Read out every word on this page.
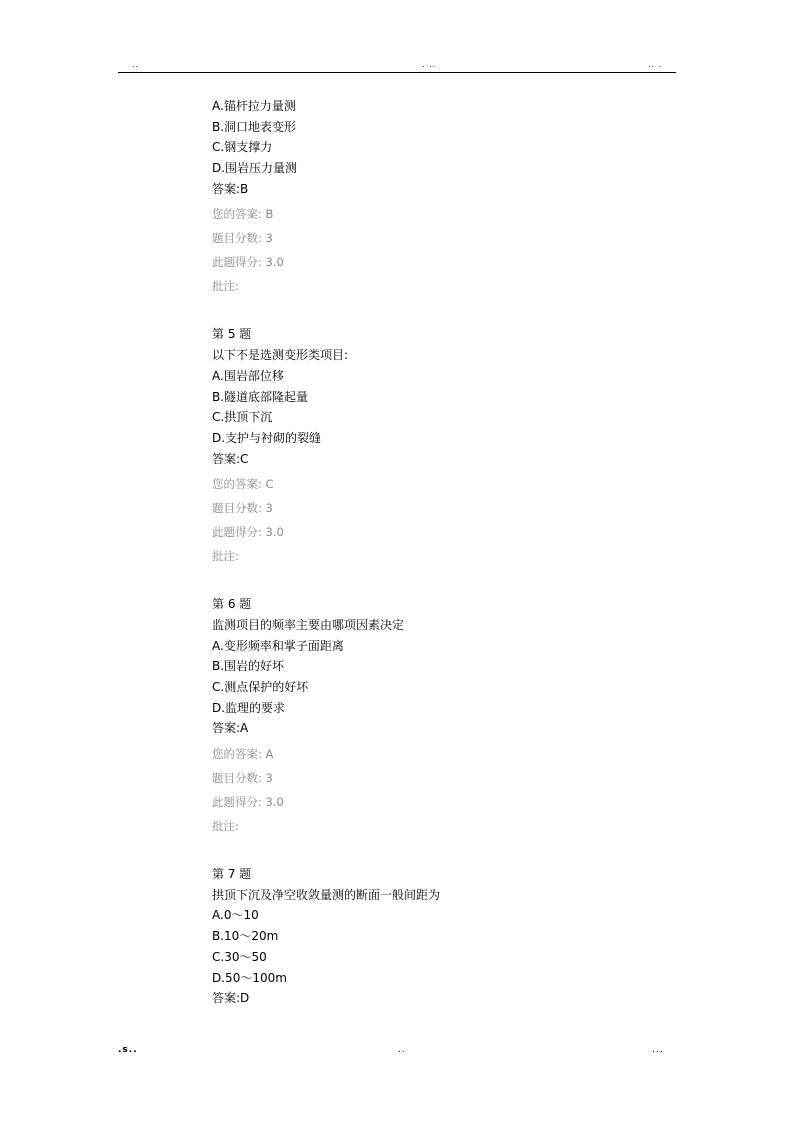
..	. ..	.. .
A.锚杆拉力量测
B.洞口地表变形
C.钢支撑力
D.围岩压力量测
答案:B
您的答案: B
题目分数: 3
此题得分: 3.0
批注:
第 5 题
以下不是选测变形类项目:
A.围岩部位移
B.隧道底部隆起量
C.拱顶下沉
D.支护与衬砌的裂缝
答案:C
您的答案: C
题目分数: 3
此题得分: 3.0
批注:
第 6 题
监测项目的频率主要由哪项因素决定
A.变形频率和掌子面距离
B.围岩的好坏
C.测点保护的好坏
D.监理的要求
答案:A
您的答案: A
题目分数: 3
此题得分: 3.0
批注:
第 7 题
拱顶下沉及净空收敛量测的断面一般间距为
A.0～10
B.10～20m
C.30～50
D.50～100m
答案:D
.s..	..	...
